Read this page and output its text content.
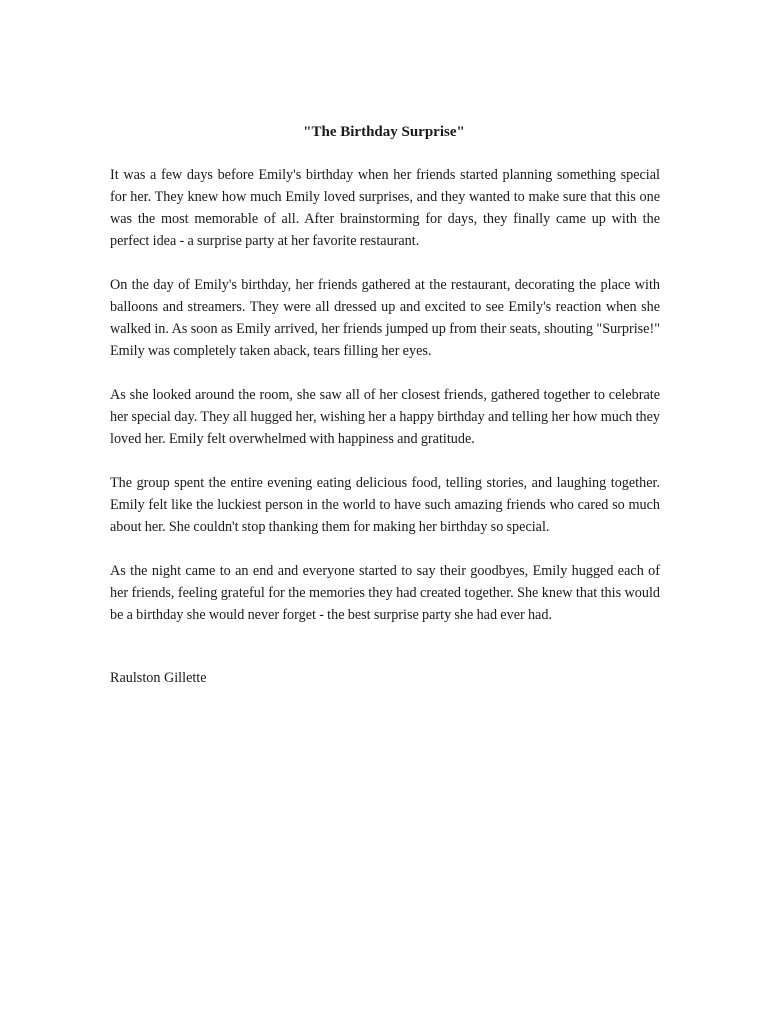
"The Birthday Surprise"

It was a few days before Emily's birthday when her friends started planning something special for her. They knew how much Emily loved surprises, and they wanted to make sure that this one was the most memorable of all. After brainstorming for days, they finally came up with the perfect idea - a surprise party at her favorite restaurant.

On the day of Emily's birthday, her friends gathered at the restaurant, decorating the place with balloons and streamers. They were all dressed up and excited to see Emily's reaction when she walked in. As soon as Emily arrived, her friends jumped up from their seats, shouting "Surprise!" Emily was completely taken aback, tears filling her eyes.

As she looked around the room, she saw all of her closest friends, gathered together to celebrate her special day. They all hugged her, wishing her a happy birthday and telling her how much they loved her. Emily felt overwhelmed with happiness and gratitude.

The group spent the entire evening eating delicious food, telling stories, and laughing together. Emily felt like the luckiest person in the world to have such amazing friends who cared so much about her. She couldn't stop thanking them for making her birthday so special.

As the night came to an end and everyone started to say their goodbyes, Emily hugged each of her friends, feeling grateful for the memories they had created together. She knew that this would be a birthday she would never forget - the best surprise party she had ever had.

Raulston Gillette
